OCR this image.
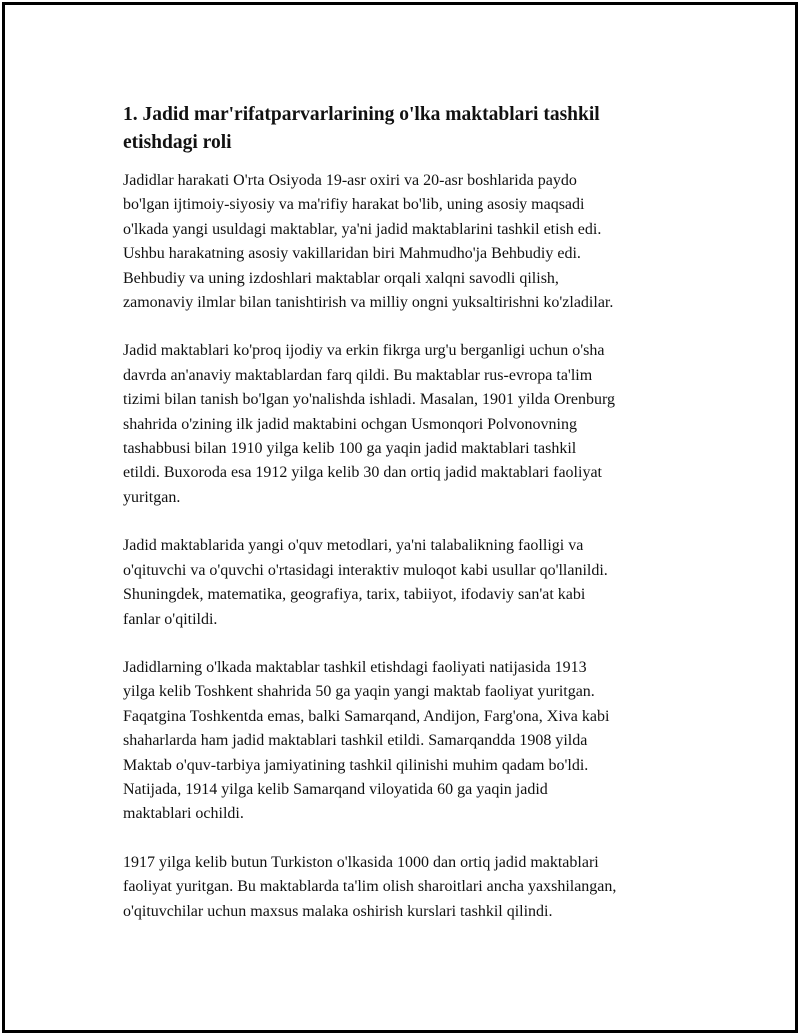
1. Jadid mar'rifatparvarlarining o'lka maktablari tashkil
etishdagi roli
Jadidlar harakati O'rta Osiyoda 19-asr oxiri va 20-asr boshlarida paydo
bo'lgan ijtimoiy-siyosiy va ma'rifiy harakat bo'lib, uning asosiy maqsadi
o'lkada yangi usuldagi maktablar, ya'ni jadid maktablarini tashkil etish edi.
Ushbu harakatning asosiy vakillaridan biri Mahmudho'ja Behbudiy edi.
Behbudiy va uning izdoshlari maktablar orqali xalqni savodli qilish,
zamonaviy ilmlar bilan tanishtirish va milliy ongni yuksaltirishni ko'zladilar.
Jadid maktablari ko'proq ijodiy va erkin fikrga urg'u berganligi uchun o'sha
davrda an'anaviy maktablardan farq qildi. Bu maktablar rus-evropa ta'lim
tizimi bilan tanish bo'lgan yo'nalishda ishladi. Masalan, 1901 yilda Orenburg
shahrida o'zining ilk jadid maktabini ochgan Usmonqori Polvonovning
tashabbusi bilan 1910 yilga kelib 100 ga yaqin jadid maktablari tashkil
etildi. Buxoroda esa 1912 yilga kelib 30 dan ortiq jadid maktablari faoliyat
yuritgan.
Jadid maktablarida yangi o'quv metodlari, ya'ni talabalikning faolligi va
o'qituvchi va o'quvchi o'rtasidagi interaktiv muloqot kabi usullar qo'llanildi.
Shuningdek, matematika, geografiya, tarix, tabiiyot, ifodaviy san'at kabi
fanlar o'qitildi.
Jadidlarning o'lkada maktablar tashkil etishdagi faoliyati natijasida 1913
yilga kelib Toshkent shahrida 50 ga yaqin yangi maktab faoliyat yuritgan.
Faqatgina Toshkentda emas, balki Samarqand, Andijon, Farg'ona, Xiva kabi
shaharlarda ham jadid maktablari tashkil etildi. Samarqandda 1908 yilda
Maktab o'quv-tarbiya jamiyatining tashkil qilinishi muhim qadam bo'ldi.
Natijada, 1914 yilga kelib Samarqand viloyatida 60 ga yaqin jadid
maktablari ochildi.
1917 yilga kelib butun Turkiston o'lkasida 1000 dan ortiq jadid maktablari
faoliyat yuritgan. Bu maktablarda ta'lim olish sharoitlari ancha yaxshilangan,
o'qituvchilar uchun maxsus malaka oshirish kurslari tashkil qilindi.
